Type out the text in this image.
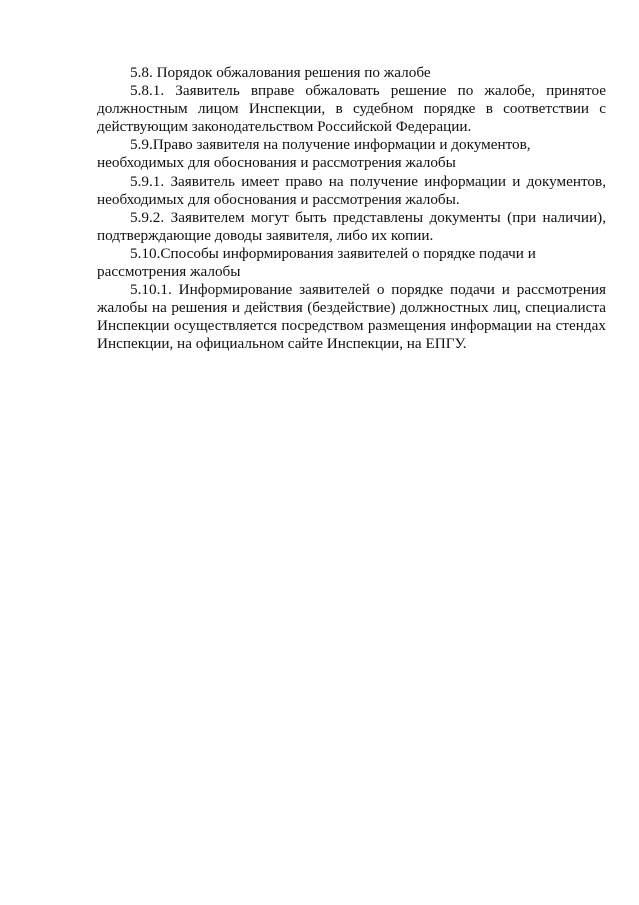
5.8. Порядок обжалования решения по жалобе

5.8.1. Заявитель вправе обжаловать решение по жалобе, принятое должностным лицом Инспекции, в судебном порядке в соответствии с действующим законодательством Российской Федерации.

5.9.Право заявителя на получение информации и документов, необходимых для обоснования и рассмотрения жалобы

5.9.1. Заявитель имеет право на получение информации и документов, необходимых для обоснования и рассмотрения жалобы.

5.9.2. Заявителем могут быть представлены документы (при наличии), подтверждающие доводы заявителя, либо их копии.

5.10.Способы информирования заявителей о порядке подачи и рассмотрения жалобы

5.10.1. Информирование заявителей о порядке подачи и рассмотрения жалобы на решения и действия (бездействие) должностных лиц, специалиста Инспекции осуществляется посредством размещения информации на стендах Инспекции, на официальном сайте Инспекции, на ЕПГУ.
